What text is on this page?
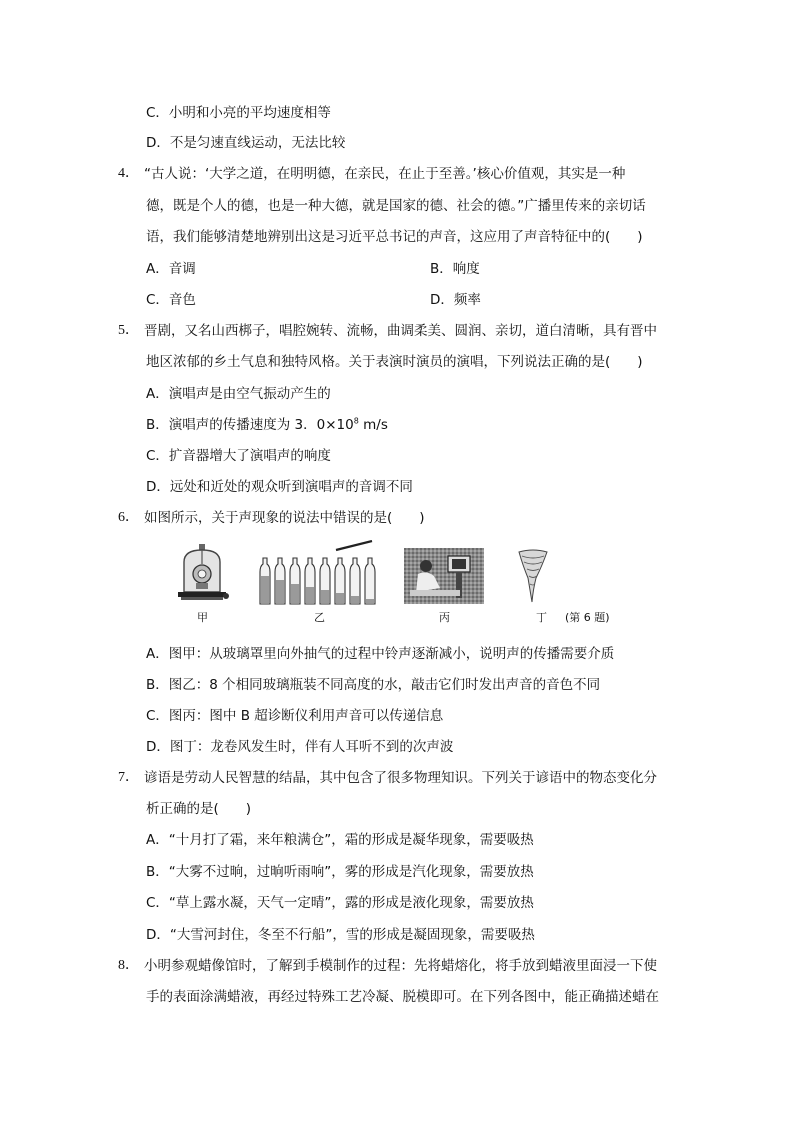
C．小明和小亮的平均速度相等
D．不是匀速直线运动，无法比较
4． “古人说：‘大学之道，在明明德，在亲民，在止于至善。’核心价值观，其实是一种
德，既是个人的德，也是一种大德，就是国家的德、社会的德。”广播里传来的亲切话
语，我们能够清楚地辨别出这是习近平总书记的声音，这应用了声音特征中的(　　)
A．音调	B．响度
C．音色	D．频率
5． 晋剧，又名山西梆子，唱腔婉转、流畅，曲调柔美、圆润、亲切，道白清晰，具有晋中
地区浓郁的乡土气息和独特风格。关于表演时演员的演唱，下列说法正确的是(　　)
A．演唱声是由空气振动产生的
B．演唱声的传播速度为 3．$0\times 10^8$ m/s
C．扩音器增大了演唱声的响度
D．远处和近处的观众听到演唱声的音调不同
6． 如图所示，关于声现象的说法中错误的是(　　)
甲	乙	丙	丁 (第 6 题)
A．图甲：从玻璃罩里向外抽气的过程中铃声逐渐减小，说明声的传播需要介质
B．图乙：8 个相同玻璃瓶装不同高度的水，敲击它们时发出声音的音色不同
C．图丙：图中 B 超诊断仪利用声音可以传递信息
D．图丁：龙卷风发生时，伴有人耳听不到的次声波
7． 谚语是劳动人民智慧的结晶，其中包含了很多物理知识。下列关于谚语中的物态变化分
析正确的是(　　)
A．“十月打了霜，来年粮满仓”，霜的形成是凝华现象，需要吸热
B．“大雾不过晌，过晌听雨响”，雾的形成是汽化现象，需要放热
C．“草上露水凝，天气一定晴”，露的形成是液化现象，需要放热
D．“大雪河封住，冬至不行船”，雪的形成是凝固现象，需要吸热
8． 小明参观蜡像馆时，了解到手模制作的过程：先将蜡熔化，将手放到蜡液里面浸一下使
手的表面涂满蜡液，再经过特殊工艺冷凝、脱模即可。在下列各图中，能正确描述蜡在
